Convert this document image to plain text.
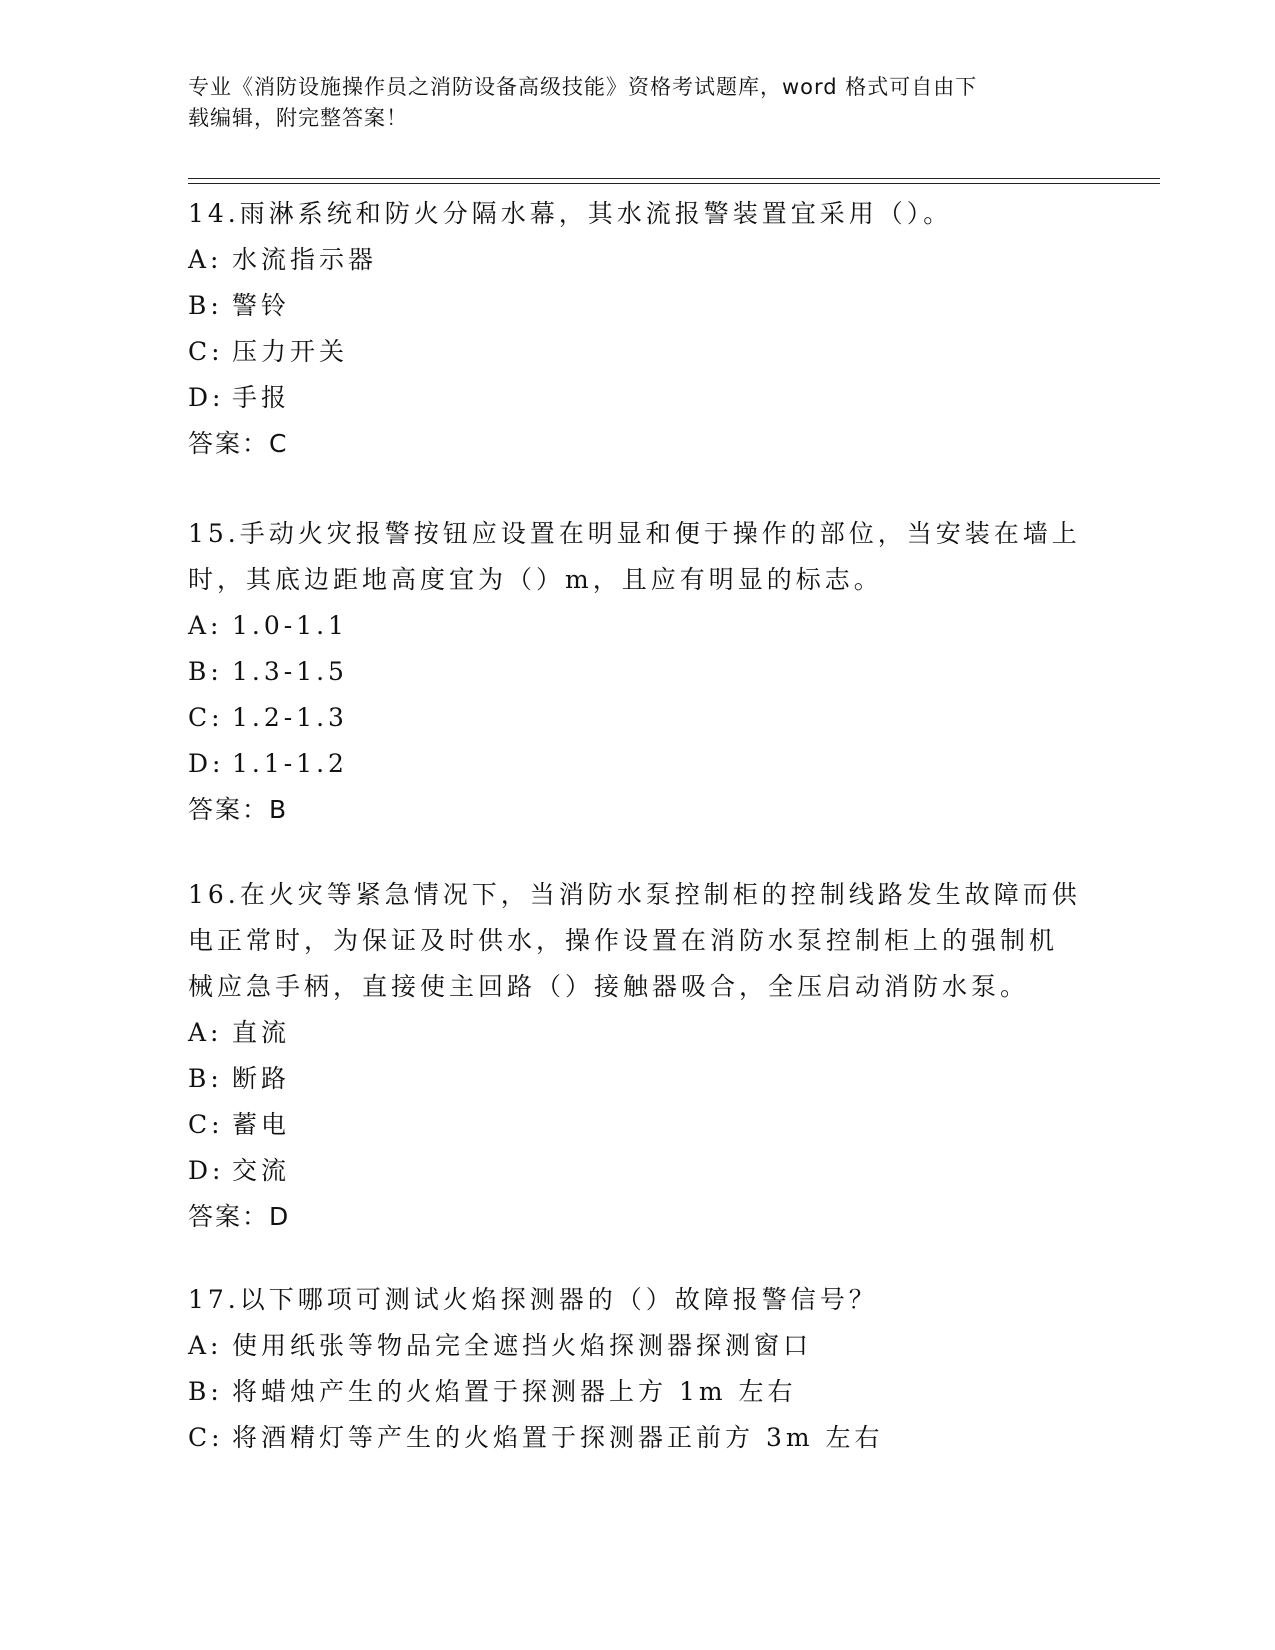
专业《消防设施操作员之消防设备高级技能》资格考试题库，word 格式可自由下
载编辑，附完整答案！
14.雨淋系统和防火分隔水幕，其水流报警装置宜采用（）。
A: 水流指示器
B: 警铃
C: 压力开关
D: 手报
答案：C
15.手动火灾报警按钮应设置在明显和便于操作的部位，当安装在墙上
时，其底边距地高度宜为（）m，且应有明显的标志。
A: 1.0-1.1
B: 1.3-1.5
C: 1.2-1.3
D: 1.1-1.2
答案：B
16.在火灾等紧急情况下，当消防水泵控制柜的控制线路发生故障而供
电正常时，为保证及时供水，操作设置在消防水泵控制柜上的强制机
械应急手柄，直接使主回路（）接触器吸合，全压启动消防水泵。
A: 直流
B: 断路
C: 蓄电
D: 交流
答案：D
17.以下哪项可测试火焰探测器的（）故障报警信号？
A: 使用纸张等物品完全遮挡火焰探测器探测窗口
B: 将蜡烛产生的火焰置于探测器上方 1m 左右
C: 将酒精灯等产生的火焰置于探测器正前方 3m 左右
